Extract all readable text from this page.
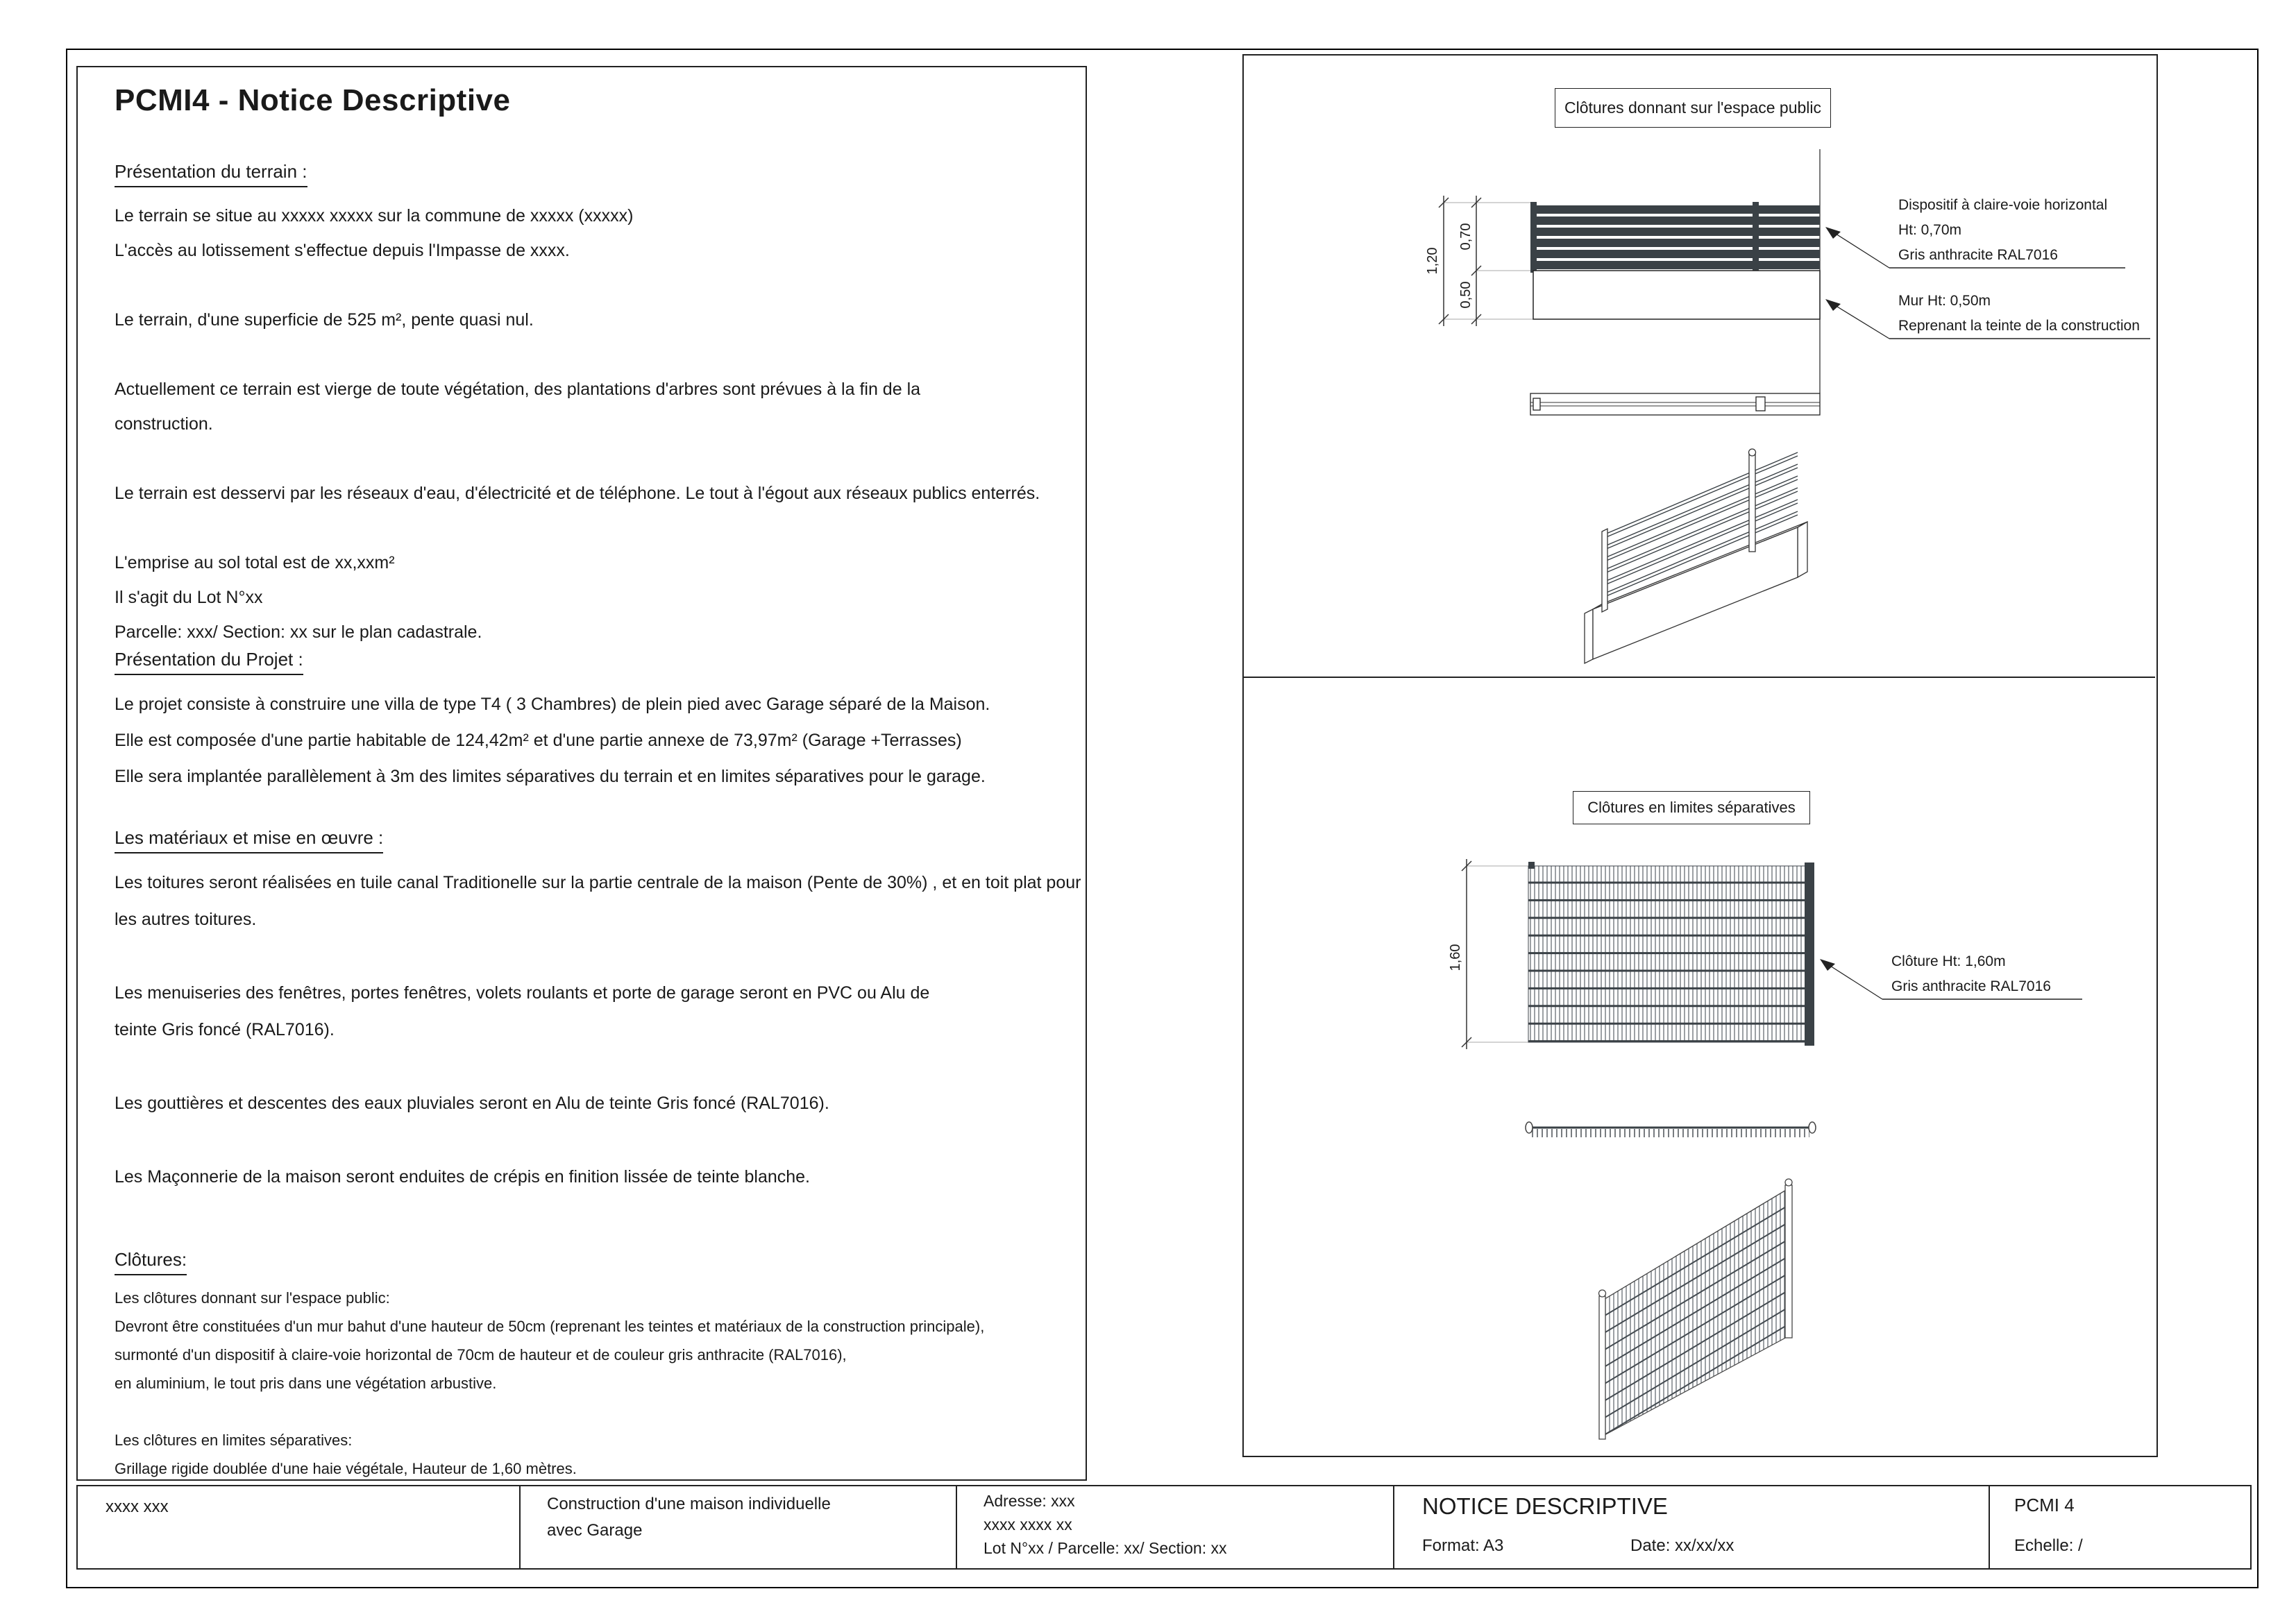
PCMI4 - Notice Descriptive
Présentation du terrain :
Le terrain se situe au xxxxx xxxxx sur la commune de xxxxx (xxxxx)
L'accès au lotissement s'effectue depuis l'Impasse de xxxx.

Le terrain, d'une superficie de 525 m², pente quasi nul.

Actuellement ce terrain est vierge de toute végétation, des plantations d'arbres sont prévues à la fin de la
construction.

Le terrain est desservi par les réseaux d'eau, d'électricité et de téléphone. Le tout à l'égout aux réseaux publics enterrés.

L'emprise au sol total est de xx,xxm²
Il s'agit du Lot N°xx
Parcelle: xxx/ Section: xx sur le plan cadastrale.
Présentation du Projet :
Le projet consiste à construire une villa de type T4 ( 3 Chambres) de plein pied avec Garage séparé de la Maison.
Elle est composée d'une partie habitable de 124,42m² et d'une partie annexe de 73,97m² (Garage +Terrasses)
Elle sera implantée parallèlement à 3m des limites séparatives du terrain et en limites séparatives pour le garage.
Les matériaux et mise en œuvre :
Les toitures seront réalisées en tuile canal Traditionelle sur la partie centrale de la maison (Pente de 30%) , et en toit plat pour
les autres toitures.

Les menuiseries des fenêtres, portes fenêtres, volets roulants et porte de garage seront en PVC ou Alu de
teinte Gris foncé (RAL7016).

Les gouttières et descentes des eaux pluviales seront en Alu de teinte Gris foncé (RAL7016).

Les Maçonnerie de la maison seront enduites de crépis en finition lissée de teinte blanche.
Clôtures:
Les clôtures donnant sur l'espace public:
Devront être constituées d'un mur bahut d'une hauteur de 50cm (reprenant les teintes et matériaux de la construction principale),
surmonté d'un dispositif à claire-voie horizontal de 70cm de hauteur et de couleur gris anthracite (RAL7016),
en aluminium, le tout pris dans une végétation arbustive.

Les clôtures en limites séparatives:
Grillage rigide doublée d'une haie végétale, Hauteur de 1,60 mètres.
Clôtures donnant sur l'espace public
Clôtures en limites séparatives
1,20
0,70
0,50
Dispositif à claire-voie horizontal
Ht: 0,70m
Gris anthracite RAL7016
Mur Ht: 0,50m
Reprenant la teinte de la construction
1,60	Clôture Ht: 1,60m
Gris anthracite RAL7016
xxxx xxx	Construction d'une maison individuelle
avec Garage
Adresse: xxx
xxxx xxxx xx
Lot N°xx / Parcelle: xx/ Section: xx
NOTICE DESCRIPTIVE
Format: A3	Date: xx/xx/xx
PCMI 4
Echelle: /
